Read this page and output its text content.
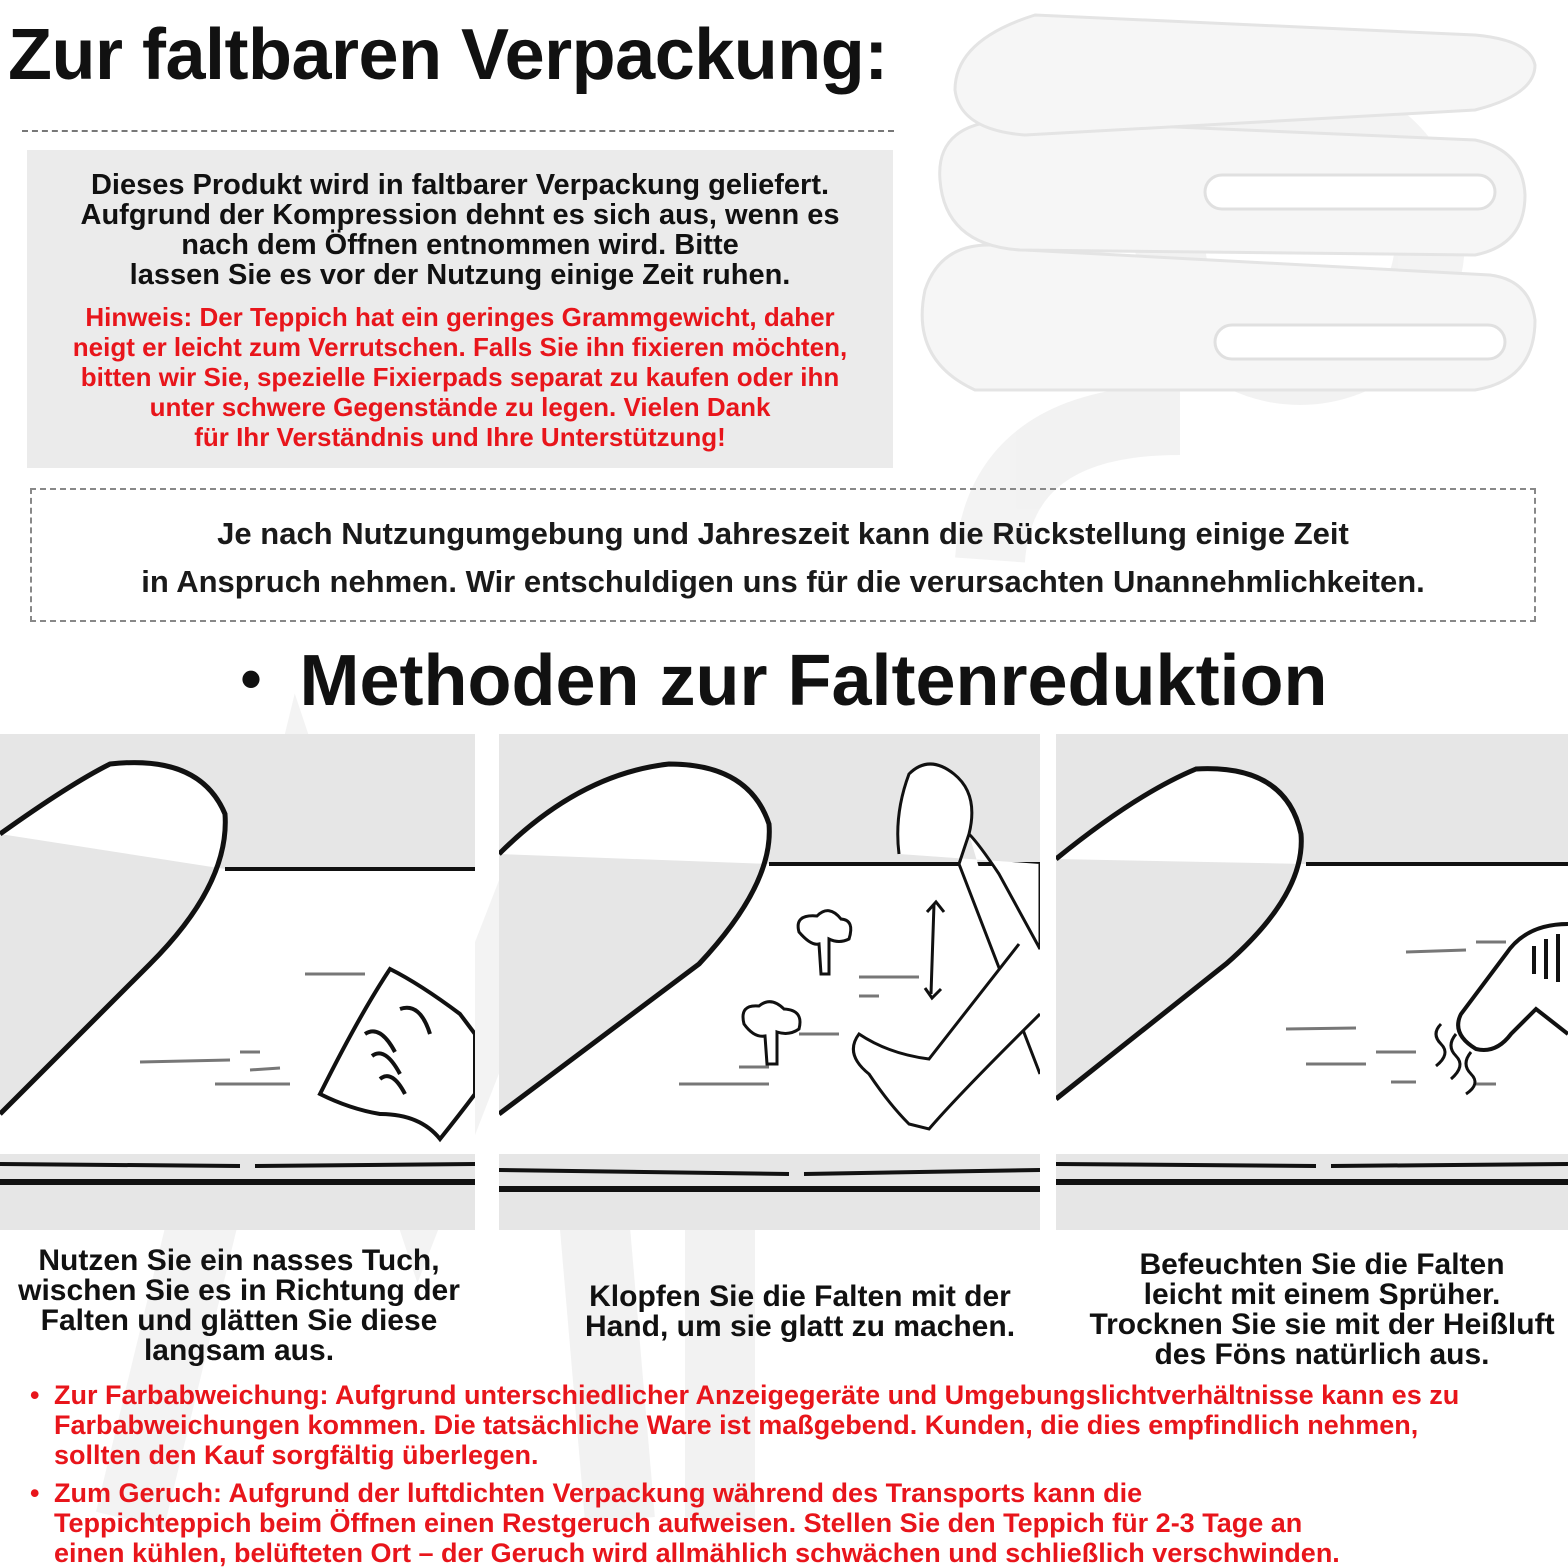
Zur faltbaren Verpackung:
Dieses Produkt wird in faltbarer Verpackung geliefert.
Aufgrund der Kompression dehnt es sich aus, wenn es
nach dem Öffnen entnommen wird. Bitte
lassen Sie es vor der Nutzung einige Zeit ruhen.
Hinweis: Der Teppich hat ein geringes Grammgewicht, daher
neigt er leicht zum Verrutschen. Falls Sie ihn fixieren möchten,
bitten wir Sie, spezielle Fixierpads separat zu kaufen oder ihn
unter schwere Gegenstände zu legen. Vielen Dank
für Ihr Verständnis und Ihre Unterstützung!
Je nach Nutzungumgebung und Jahreszeit kann die Rückstellung einige Zeit
in Anspruch nehmen. Wir entschuldigen uns für die verursachten Unannehmlichkeiten.
• Methoden zur Faltenreduktion
Nutzen Sie ein nasses Tuch,
wischen Sie es in Richtung der
Falten und glätten Sie diese
langsam aus.
Klopfen Sie die Falten mit der
Hand, um sie glatt zu machen.
Befeuchten Sie die Falten
leicht mit einem Sprüher.
Trocknen Sie sie mit der Heißluft
des Föns natürlich aus.
• Zur Farbabweichung: Aufgrund unterschiedlicher Anzeigegeräte und Umgebungslichtverhältnisse kann es zu
Farbabweichungen kommen. Die tatsächliche Ware ist maßgebend. Kunden, die dies empfindlich nehmen,
sollten den Kauf sorgfältig überlegen.
• Zum Geruch: Aufgrund der luftdichten Verpackung während des Transports kann die
Teppichteppich beim Öffnen einen Restgeruch aufweisen. Stellen Sie den Teppich für 2-3 Tage an
einen kühlen, belüfteten Ort – der Geruch wird allmählich schwächen und schließlich verschwinden.
